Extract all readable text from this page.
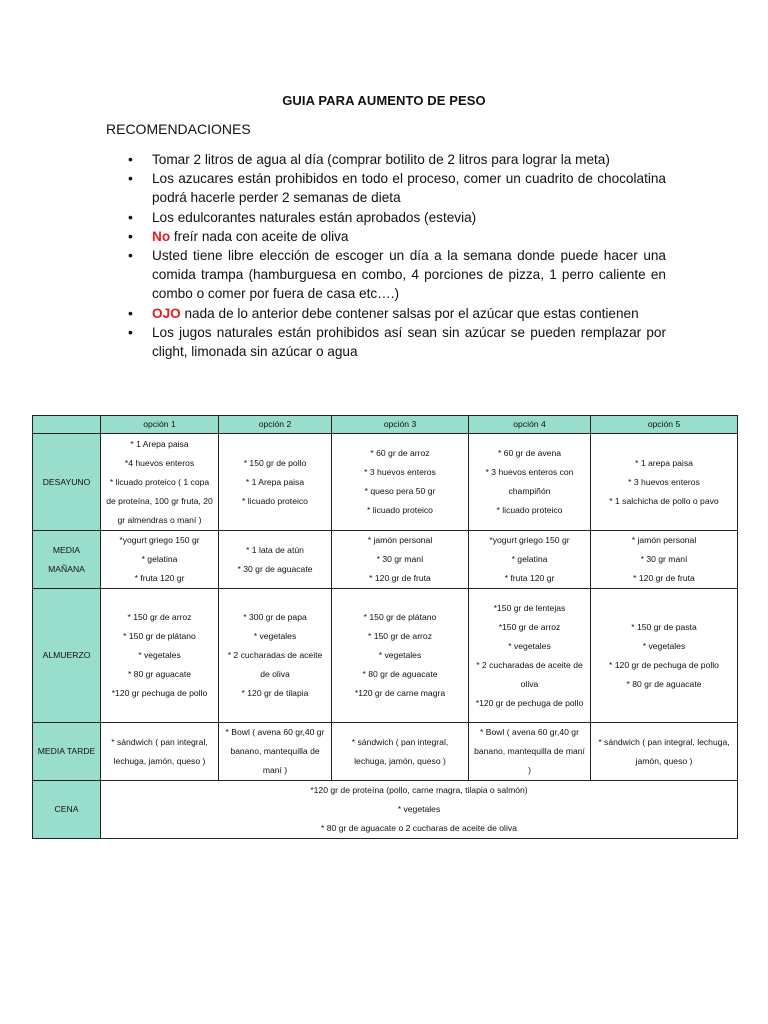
GUIA PARA AUMENTO DE PESO
RECOMENDACIONES
• Tomar 2 litros de agua al día (comprar botilito de 2 litros para lograr la meta)
• Los azucares están prohibidos en todo el proceso, comer un cuadrito de chocolatina podrá hacerle perder 2 semanas de dieta
• Los edulcorantes naturales están aprobados (estevia)
• No freír nada con aceite de oliva
• Usted tiene libre elección de escoger un día a la semana donde puede hacer una comida trampa (hamburguesa en combo, 4 porciones de pizza, 1 perro caliente en combo o comer por fuera de casa etc….)
• OJO nada de lo anterior debe contener salsas por el azúcar que estas contienen
• Los jugos naturales están prohibidos así sean sin azúcar se pueden remplazar por clight, limonada sin azúcar o agua
	opción 1	opción 2	opción 3	opción 4	opción 5

DESAYUNO	* 1 Arepa paisa
*4 huevos enteros
* licuado proteico ( 1 copa de proteína, 100 gr fruta, 20 gr almendras o maní )	* 150 gr de pollo
* 1 Arepa paisa
* licuado proteico	* 60 gr de arroz
* 3 huevos enteros
* queso pera 50 gr
* licuado proteico	* 60 gr de avena
* 3 huevos enteros con champiñón
* licuado proteico	* 1 arepa paisa
* 3 huevos enteros
* 1 salchicha de pollo o pavo

MEDIA
MAÑANA	*yogurt griego 150 gr
* gelatina
* fruta 120 gr	* 1 lata de atún
* 30 gr de aguacate	* jamón personal
* 30 gr maní
* 120 gr de fruta	*yogurt griego 150 gr
* gelatina
* fruta 120 gr	* jamón personal
* 30 gr maní
* 120 gr de fruta

ALMUERZO	* 150 gr de arroz
* 150 gr de plátano
* vegetales
* 80 gr aguacate
*120 gr pechuga de pollo	* 300 gr de papa
* vegetales
* 2 cucharadas de aceite de oliva
* 120 gr de tilapia	* 150 gr de plátano
* 150 gr de arroz
* vegetales
* 80 gr de aguacate
*120 gr de carne magra	*150 gr de lentejas
*150 gr de arroz
* vegetales
* 2 cucharadas de aceite de oliva
*120 gr de pechuga de pollo	* 150 gr de pasta
* vegetales
* 120 gr de pechuga de pollo
* 80 gr de aguacate

MEDIA TARDE	* sándwich ( pan integral, lechuga, jamón, queso )	* Bowl ( avena 60 gr,40 gr banano, mantequilla de maní )	* sándwich ( pan integral, lechuga, jamón, queso )	* Bowl ( avena 60 gr,40 gr banano, mantequilla de maní )	* sándwich ( pan integral, lechuga, jamón, queso )

CENA	*120 gr de proteína (pollo, carne magra, tilapia o salmón)
* vegetales
* 80 gr de aguacate o 2 cucharas de aceite de oliva				
